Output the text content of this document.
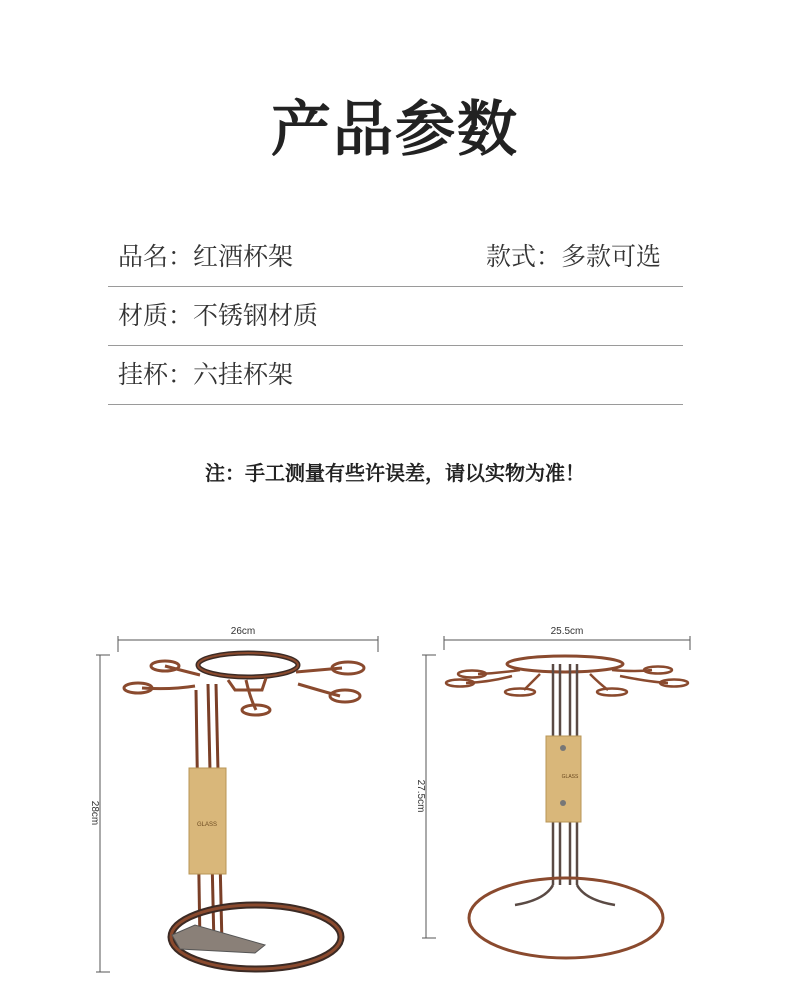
产品参数
品名：红酒杯架	款式：多款可选
材质：不锈钢材质
挂杯：六挂杯架
注：手工测量有些许误差，请以实物为准！
26cm
28cm	GLASS
25.5cm
27.5cm
GLASS
